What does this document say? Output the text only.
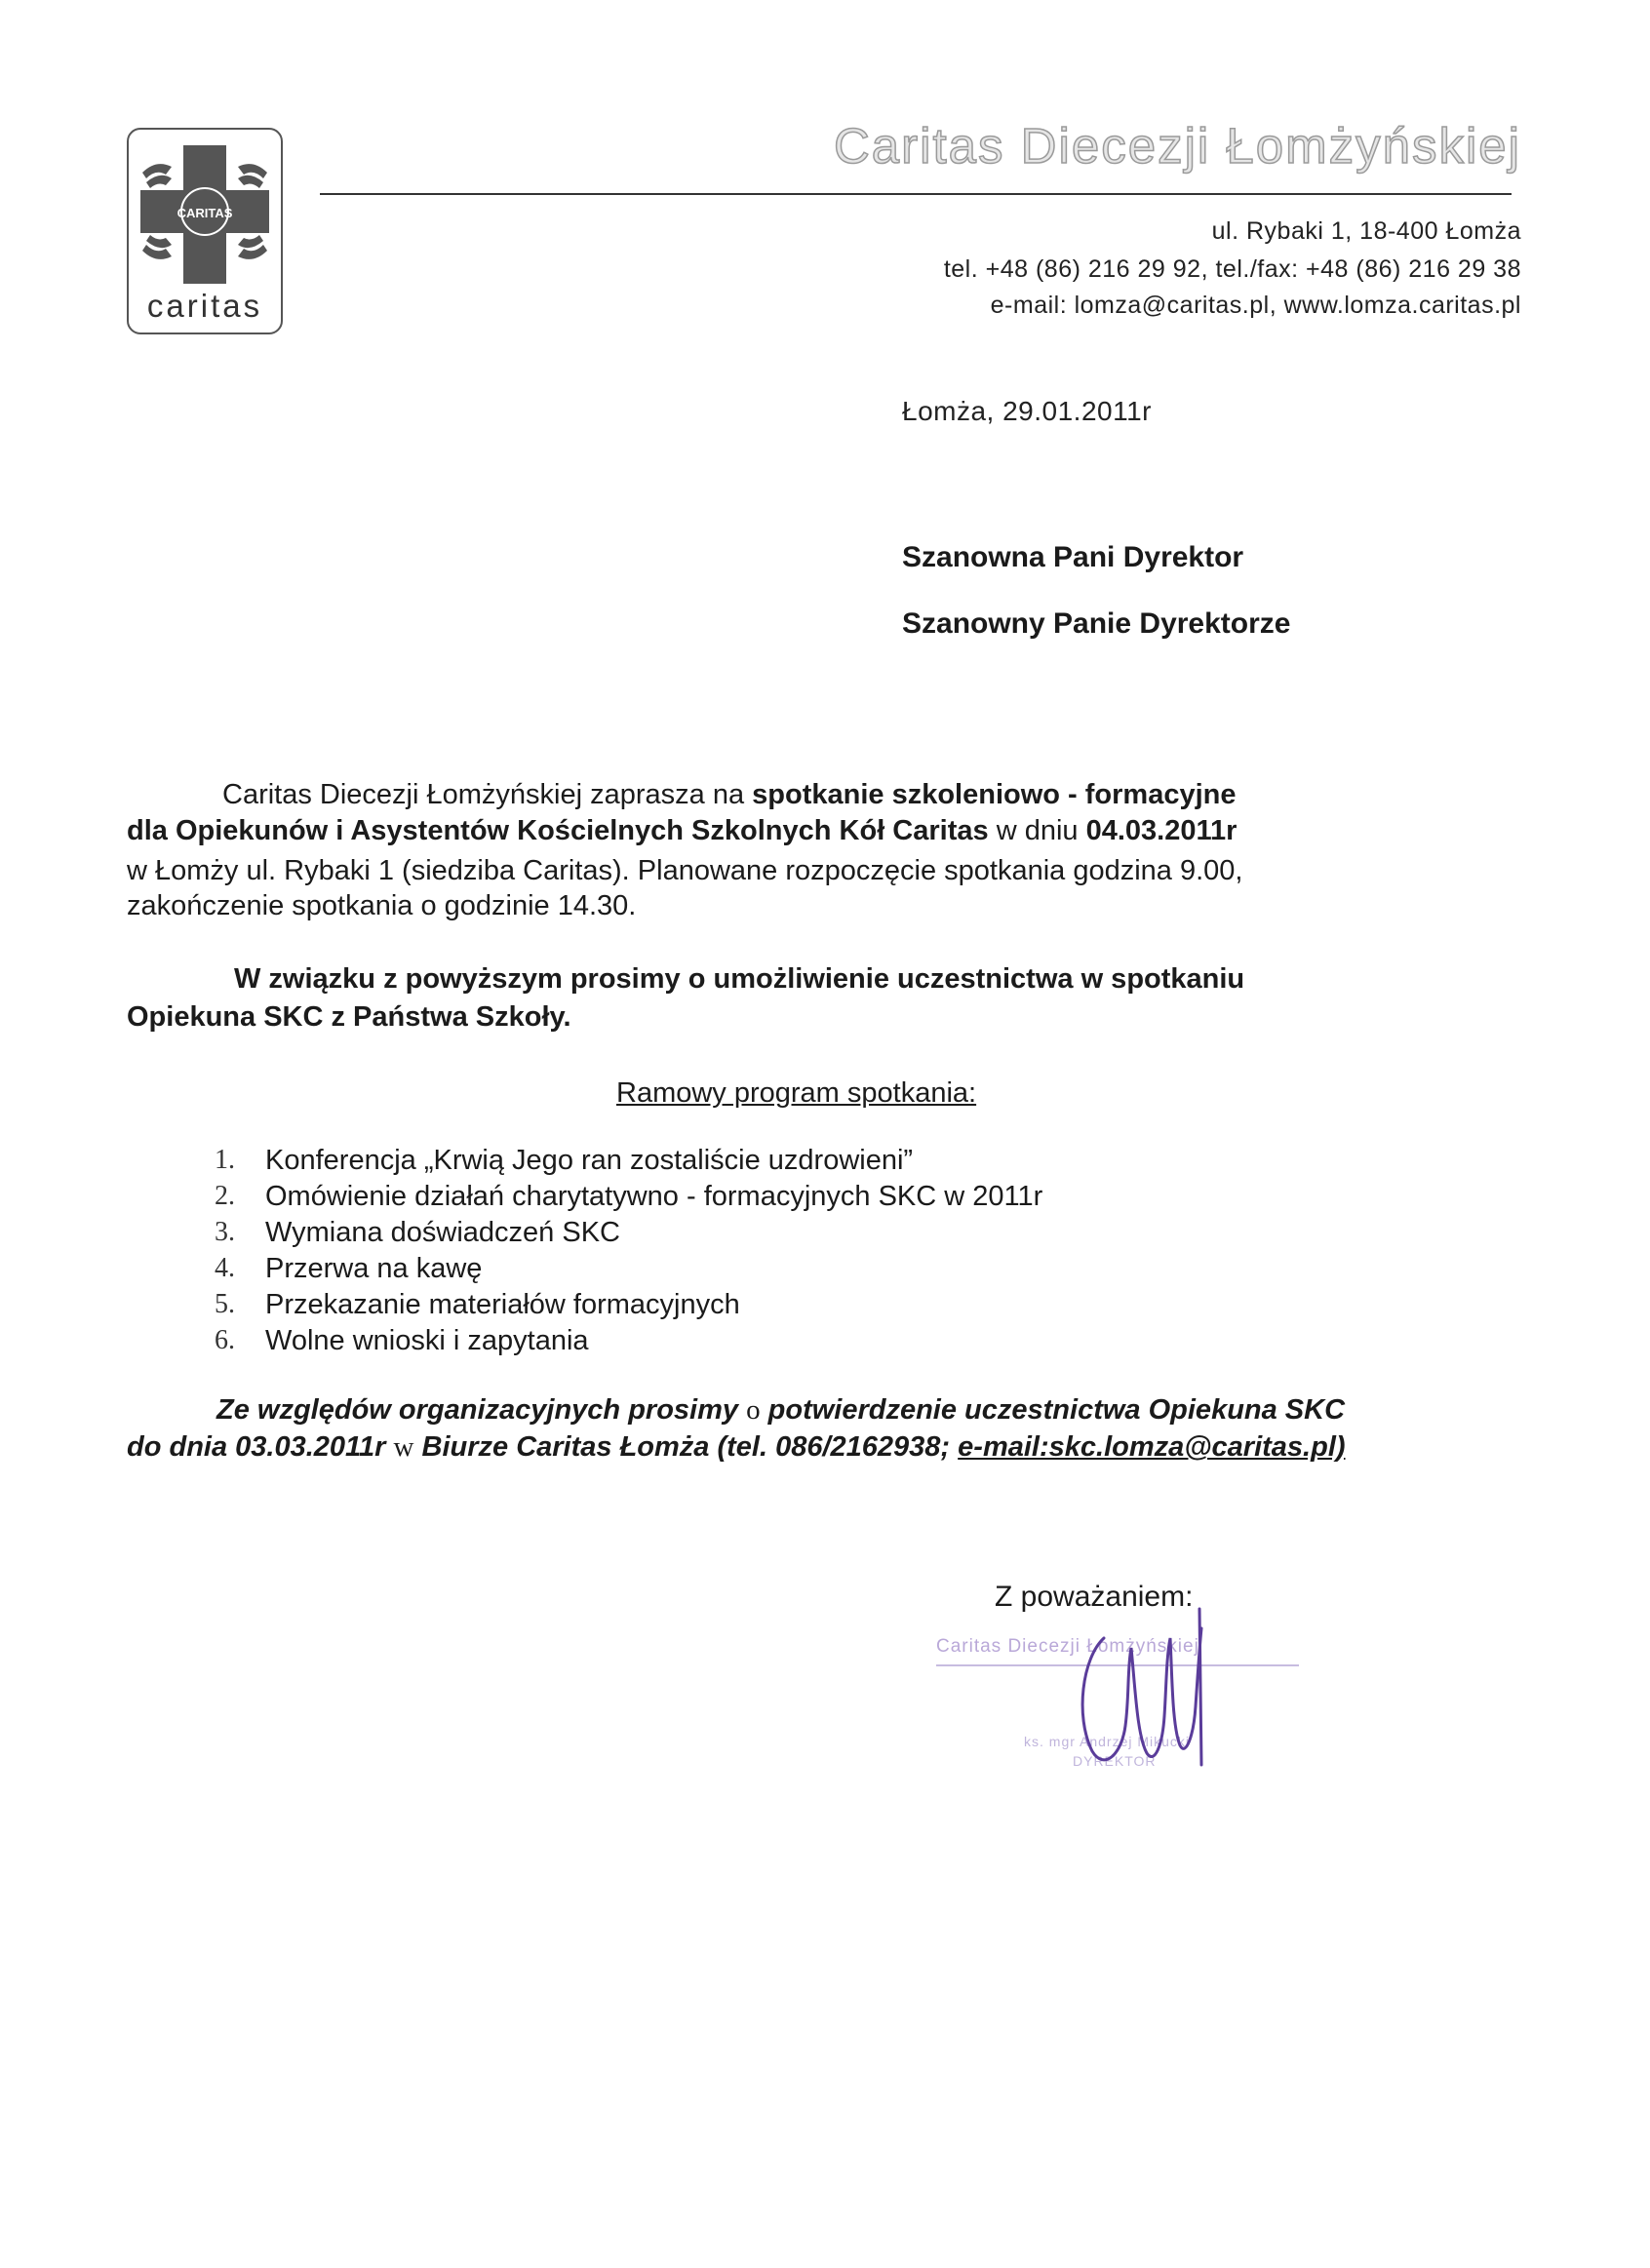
CARITAS
caritas
Caritas Diecezji Łomżyńskiej
ul. Rybaki 1, 18-400 Łomża
tel. +48 (86) 216 29 92, tel./fax: +48 (86) 216 29 38
e-mail: lomza@caritas.pl, www.lomza.caritas.pl
Łomża, 29.01.2011r
Szanowna Pani Dyrektor
Szanowny Panie Dyrektorze
Caritas Diecezji Łomżyńskiej zaprasza na spotkanie szkoleniowo - formacyjne
dla Opiekunów i Asystentów Kościelnych Szkolnych Kół Caritas w dniu 04.03.2011r
w Łomży ul. Rybaki 1 (siedziba Caritas). Planowane rozpoczęcie spotkania godzina 9.00,
zakończenie spotkania o godzinie 14.30.
W związku z powyższym prosimy o umożliwienie uczestnictwa w spotkaniu
Opiekuna SKC z Państwa Szkoły.
Ramowy program spotkania:
1.	Konferencja „Krwią Jego ran zostaliście uzdrowieni”
2.	Omówienie działań charytatywno - formacyjnych SKC w 2011r
3.	Wymiana doświadczeń SKC
4.	Przerwa na kawę
5.	Przekazanie materiałów formacyjnych
6.	Wolne wnioski i zapytania
Ze względów organizacyjnych prosimy o potwierdzenie uczestnictwa Opiekuna SKC
do dnia 03.03.2011r w Biurze Caritas Łomża (tel. 086/2162938; e-mail:skc.lomza@caritas.pl)
Z poważaniem:
Caritas Diecezji Łomżyńskiej
ks. mgr Andrzej Mikucki
DYREKTOR
